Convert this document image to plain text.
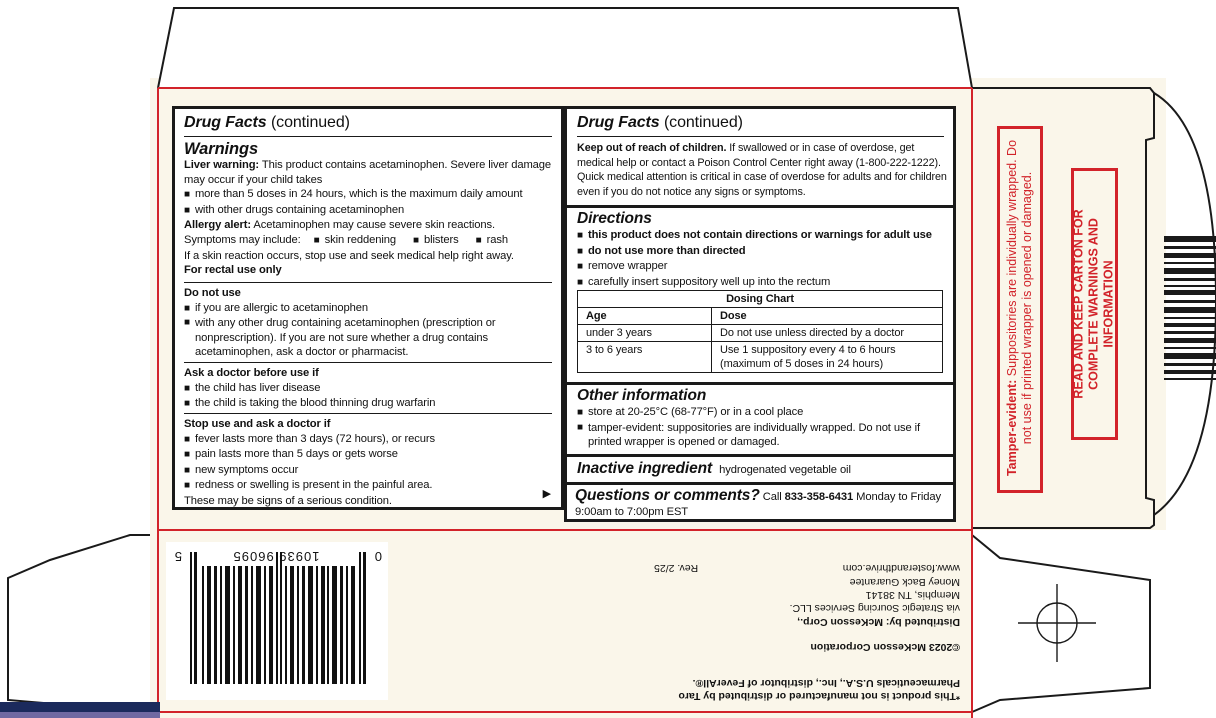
Drug Facts (continued)
Warnings
Liver warning: This product contains acetaminophen. Severe liver damage may occur if your child takes
■ more than 5 doses in 24 hours, which is the maximum daily amount
■ with other drugs containing acetaminophen
Allergy alert: Acetaminophen may cause severe skin reactions.
Symptoms may include: ■ skin reddening ■ blisters ■ rash
If a skin reaction occurs, stop use and seek medical help right away.
For rectal use only
Do not use
■ if you are allergic to acetaminophen
■ with any other drug containing acetaminophen (prescription or nonprescription). If you are not sure whether a drug contains acetaminophen, ask a doctor or pharmacist.
Ask a doctor before use if
■ the child has liver disease
■ the child is taking the blood thinning drug warfarin
Stop use and ask a doctor if
■ fever lasts more than 3 days (72 hours), or recurs
■ pain lasts more than 5 days or gets worse
■ new symptoms occur
■ redness or swelling is present in the painful area.
These may be signs of a serious condition.
▶
Drug Facts (continued)
Keep out of reach of children. If swallowed or in case of overdose, get medical help or contact a Poison Control Center right away (1-800-222-1222). Quick medical attention is critical in case of overdose for adults and for children even if you do not notice any signs or symptoms.
Directions
■ this product does not contain directions or warnings for adult use
■ do not use more than directed
■ remove wrapper
■ carefully insert suppository well up into the rectum
Dosing Chart	
Age	Dose
under 3 years	Do not use unless directed by a doctor
3 to 6 years	Use 1 suppository every 4 to 6 hours (maximum of 5 doses in 24 hours)
Other information
■ store at 20-25°C (68-77°F) or in a cool place
■ tamper-evident: suppositories are individually wrapped. Do not use if printed wrapper is opened or damaged.
Inactive ingredient hydrogenated vegetable oil
Questions or comments? Call 833-358-6431 Monday to Friday 9:00am to 7:00pm EST
Tamper-evident: Suppositories are individually wrapped. Do not use if printed wrapper is opened or damaged.	READ AND KEEP CARTON FOR COMPLETE WARNINGS AND INFORMATION
0
10939 96095
5
*This product is not manufactured or distributed by Taro Pharmaceuticals U.S.A., Inc., distributor of FeverAll®.
©2023 McKesson Corporation
Distributed by: McKesson Corp.,
via Strategic Sourcing Services LLC.
Memphis, TN 38141
Money Back Guarantee
www.fosterandthrive.com
Rev. 2/25
